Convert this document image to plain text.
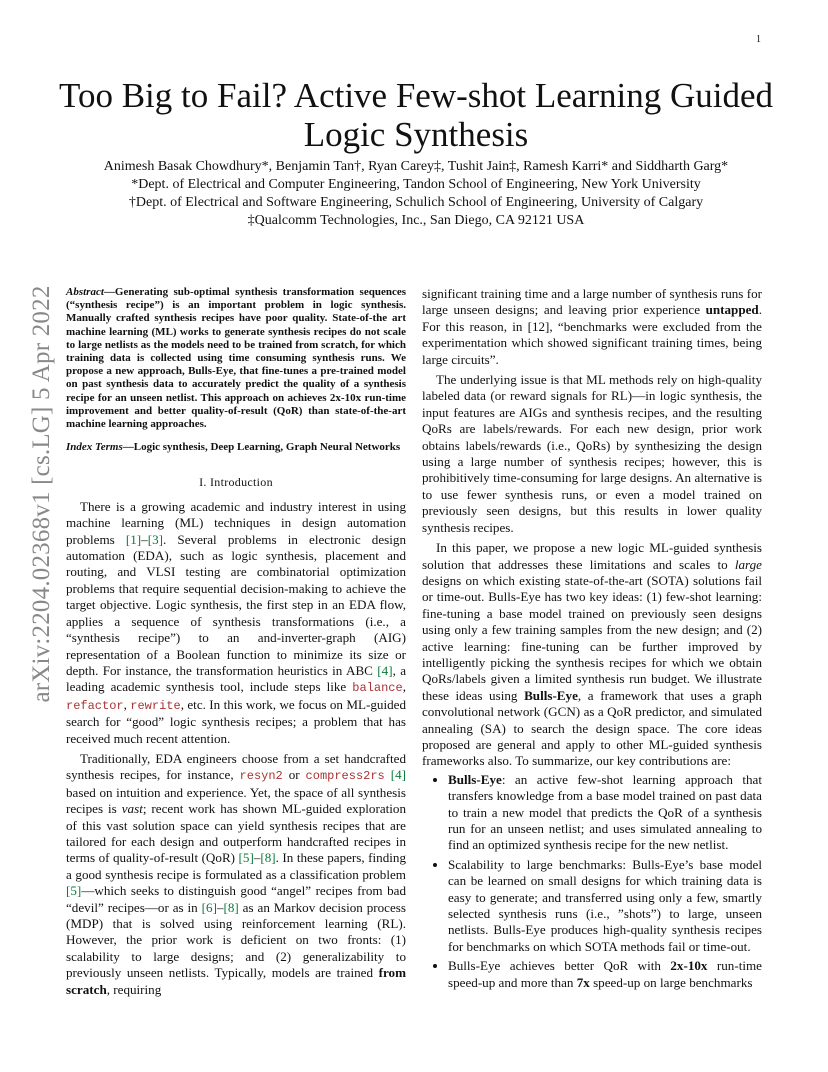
1
arXiv:2204.02368v1 [cs.LG] 5 Apr 2022
Too Big to Fail? Active Few-shot Learning Guided
Logic Synthesis
Animesh Basak Chowdhury*, Benjamin Tan†, Ryan Carey‡, Tushit Jain‡, Ramesh Karri* and Siddharth Garg*
*Dept. of Electrical and Computer Engineering, Tandon School of Engineering, New York University
†Dept. of Electrical and Software Engineering, Schulich School of Engineering, University of Calgary
‡Qualcomm Technologies, Inc., San Diego, CA 92121 USA

Abstract—Generating sub-optimal synthesis transformation sequences (“synthesis recipe”) is an important problem in logic synthesis. Manually crafted synthesis recipes have poor quality. State-of-the art machine learning (ML) works to generate synthesis recipes do not scale to large netlists as the models need to be trained from scratch, for which training data is collected using time consuming synthesis runs. We propose a new approach, Bulls-Eye, that fine-tunes a pre-trained model on past synthesis data to accurately predict the quality of a synthesis recipe for an unseen netlist. This approach on achieves 2x-10x run-time improvement and better quality-of-result (QoR) than state-of-the-art machine learning approaches.

Index Terms—Logic synthesis, Deep Learning, Graph Neural Networks

I. Introduction

There is a growing academic and industry interest in using machine learning (ML) techniques in design automation problems [1]–[3]. Several problems in electronic design automation (EDA), such as logic synthesis, placement and routing, and VLSI testing are combinatorial optimization problems that require sequential decision-making to achieve the target objective. Logic synthesis, the first step in an EDA flow, applies a sequence of synthesis transformations (i.e., a “synthesis recipe”) to an and-inverter-graph (AIG) representation of a Boolean function to minimize its size or depth. For instance, the transformation heuristics in ABC [4], a leading academic synthesis tool, include steps like balance, refactor, rewrite, etc. In this work, we focus on ML-guided search for “good” logic synthesis recipes; a problem that has received much recent attention.

Traditionally, EDA engineers choose from a set handcrafted synthesis recipes, for instance, resyn2 or compress2rs [4] based on intuition and experience. Yet, the space of all synthesis recipes is vast; recent work has shown ML-guided exploration of this vast solution space can yield synthesis recipes that are tailored for each design and outperform handcrafted recipes in terms of quality-of-result (QoR) [5]–[8]. In these papers, finding a good synthesis recipe is formulated as a classification problem [5]—which seeks to distinguish good “angel” recipes from bad “devil” recipes—or as in [6]–[8] as an Markov decision process (MDP) that is solved using reinforcement learning (RL). However, the prior work is deficient on two fronts: (1) scalability to large designs; and (2) generalizability to previously unseen netlists. Typically, models are trained from scratch, requiring

significant training time and a large number of synthesis runs for large unseen designs; and leaving prior experience untapped. For this reason, in [12], “benchmarks were excluded from the experimentation which showed significant training times, being large circuits”.

The underlying issue is that ML methods rely on high-quality labeled data (or reward signals for RL)—in logic synthesis, the input features are AIGs and synthesis recipes, and the resulting QoRs are labels/rewards. For each new design, prior work obtains labels/rewards (i.e., QoRs) by synthesizing the design using a large number of synthesis recipes; however, this is prohibitively time-consuming for large designs. An alternative is to use fewer synthesis runs, or even a model trained on previously seen designs, but this results in lower quality synthesis recipes.

In this paper, we propose a new logic ML-guided synthesis solution that addresses these limitations and scales to large designs on which existing state-of-the-art (SOTA) solutions fail or time-out. Bulls-Eye has two key ideas: (1) few-shot learning: fine-tuning a base model trained on previously seen designs using only a few training samples from the new design; and (2) active learning: fine-tuning can be further improved by intelligently picking the synthesis recipes for which we obtain QoRs/labels given a limited synthesis run budget. We illustrate these ideas using Bulls-Eye, a framework that uses a graph convolutional network (GCN) as a QoR predictor, and simulated annealing (SA) to search the design space. The core ideas proposed are general and apply to other ML-guided synthesis frameworks also. To summarize, our key contributions are:

• Bulls-Eye: an active few-shot learning approach that transfers knowledge from a base model trained on past data to train a new model that predicts the QoR of a synthesis run for an unseen netlist; and uses simulated annealing to find an optimized synthesis recipe for the new netlist.
• Scalability to large benchmarks: Bulls-Eye’s base model can be learned on small designs for which training data is easy to generate; and transferred using only a few, smartly selected synthesis runs (i.e., ”shots”) to large, unseen netlists. Bulls-Eye produces high-quality synthesis recipes for benchmarks on which SOTA methods fail or time-out.
• Bulls-Eye achieves better QoR with 2x-10x run-time speed-up and more than 7x speed-up on large benchmarks
